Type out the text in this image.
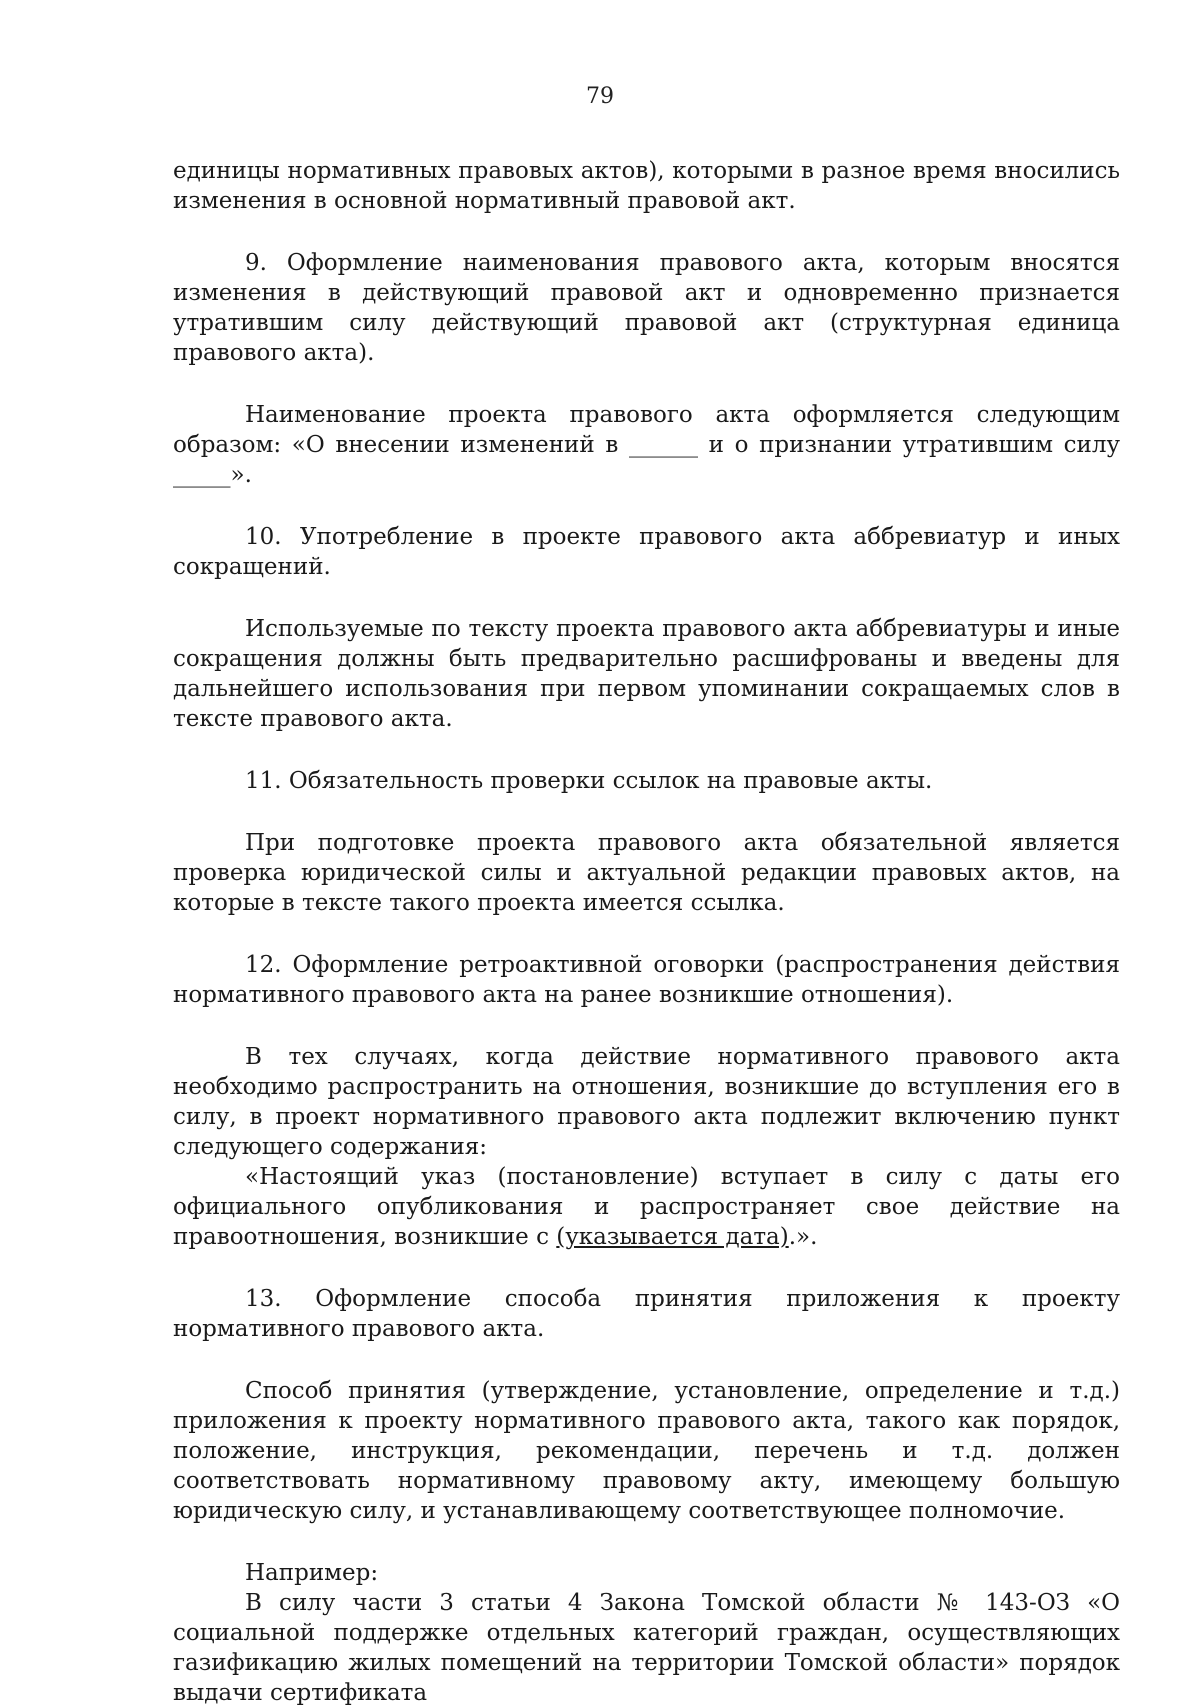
79

единицы нормативных правовых актов), которыми в разное время вносились изменения в основной нормативный правовой акт.

9. Оформление наименования правового акта, которым вносятся изменения в действующий правовой акт и одновременно признается утратившим силу действующий правовой акт (структурная единица правового акта).

Наименование проекта правового акта оформляется следующим образом: «О внесении изменений в ______ и о признании утратившим силу _____».

10. Употребление в проекте правового акта аббревиатур и иных сокращений.

Используемые по тексту проекта правового акта аббревиатуры и иные сокращения должны быть предварительно расшифрованы и введены для дальнейшего использования при первом упоминании сокращаемых слов в тексте правового акта.

11. Обязательность проверки ссылок на правовые акты.

При подготовке проекта правового акта обязательной является проверка юридической силы и актуальной редакции правовых актов, на которые в тексте такого проекта имеется ссылка.

12. Оформление ретроактивной оговорки (распространения действия нормативного правового акта на ранее возникшие отношения).

В тех случаях, когда действие нормативного правового акта необходимо распространить на отношения, возникшие до вступления его в силу, в проект нормативного правового акта подлежит включению пункт следующего содержания:

«Настоящий указ (постановление) вступает в силу с даты его официального опубликования и распространяет свое действие на правоотношения, возникшие с (указывается дата).».

13. Оформление способа принятия приложения к проекту нормативного правового акта.

Способ принятия (утверждение, установление, определение и т.д.) приложения к проекту нормативного правового акта, такого как порядок, положение, инструкция, рекомендации, перечень и т.д. должен соответствовать нормативному правовому акту, имеющему большую юридическую силу, и устанавливающему соответствующее полномочие.

Например:

В силу части 3 статьи 4 Закона Томской области № 143-ОЗ «О социальной поддержке отдельных категорий граждан, осуществляющих газификацию жилых помещений на территории Томской области» порядок выдачи сертификата
